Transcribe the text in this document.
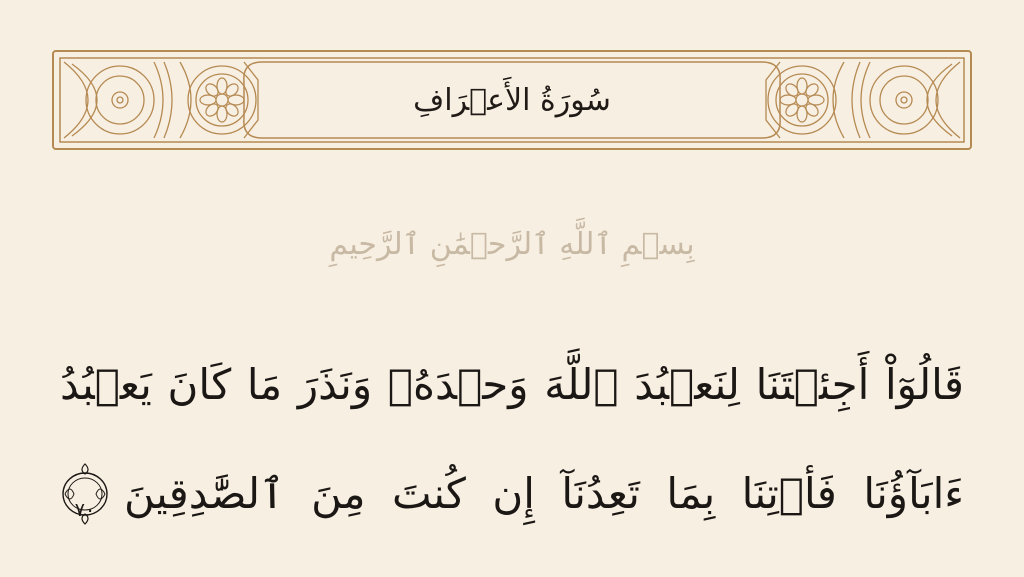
سُورَةُ الأَعۡرَافِ
بِسۡمِ ٱللَّهِ ٱلرَّحۡمَٰنِ ٱلرَّحِيمِ
قَالُوٓاْ أَجِئۡتَنَا لِنَعۡبُدَ ٱللَّهَ وَحۡدَهُۥ وَنَذَرَ مَا كَانَ يَعۡبُدُ
ءَابَآؤُنَا فَأۡتِنَا بِمَا تَعِدُنَآ إِن كُنتَ مِنَ ٱلصَّٰدِقِينَ
٧٠
